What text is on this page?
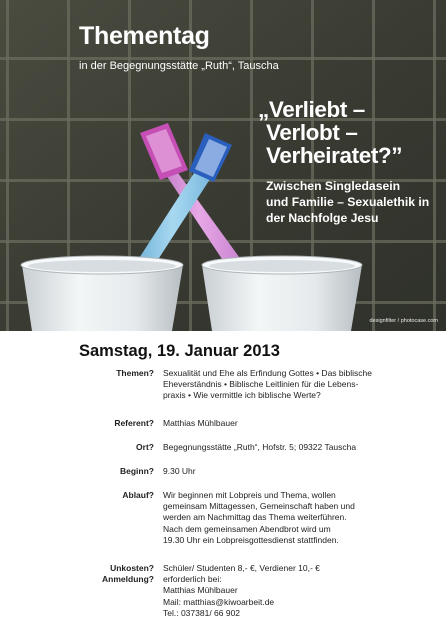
Thementag
in der Begegnungsstätte „Ruth“, Tauscha
„Verliebt –
Verlobt –
Verheiratet?”
Zwischen Singledasein
und Familie – Sexualethik in
der Nachfolge Jesu
designfilter / photocase.com
Samstag, 19. Januar 2013
Themen? Sexualität und Ehe als Erfindung Gottes • Das biblische
Eheverständnis • Biblische Leitlinien für die Lebens-
praxis • Wie vermittle ich biblische Werte?
Referent? Matthias Mühlbauer
Ort? Begegnungsstätte „Ruth“, Hofstr. 5; 09322 Tauscha
Beginn? 9.30 Uhr
Ablauf? Wir beginnen mit Lobpreis und Thema, wollen
gemeinsam Mittagessen, Gemeinschaft haben und
werden am Nachmittag das Thema weiterführen.
Nach dem gemeinsamen Abendbrot wird um
19.30 Uhr ein Lobpreisgottesdienst stattfinden.
Unkosten?
Anmeldung?
Schüler/ Studenten 8,- €, Verdiener 10,- €
erforderlich bei:
Matthias Mühlbauer
Mail: matthias@kiwoarbeit.de
Tel.: 037381/ 66 902
